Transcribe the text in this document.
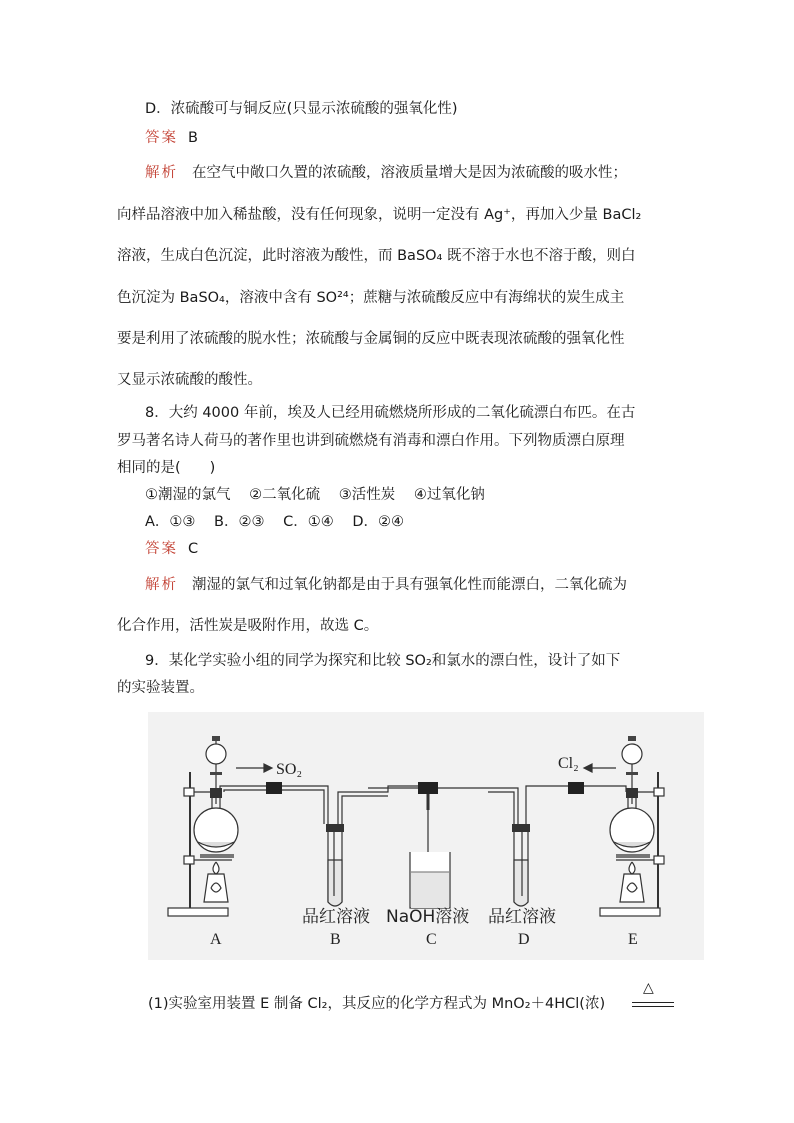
D．浓硫酸可与铜反应(只显示浓硫酸的强氧化性)
答案 B
解析 在空气中敞口久置的浓硫酸，溶液质量增大是因为浓硫酸的吸水性；
向样品溶液中加入稀盐酸，没有任何现象，说明一定没有 Ag⁺，再加入少量 BaCl₂
溶液，生成白色沉淀，此时溶液为酸性，而 BaSO₄ 既不溶于水也不溶于酸，则白
色沉淀为 BaSO₄，溶液中含有 SO²⁴；蔗糖与浓硫酸反应中有海绵状的炭生成主
要是利用了浓硫酸的脱水性；浓硫酸与金属铜的反应中既表现浓硫酸的强氧化性
又显示浓硫酸的酸性。
8．大约 4000 年前，埃及人已经用硫燃烧所形成的二氧化硫漂白布匹。在古
罗马著名诗人荷马的著作里也讲到硫燃烧有消毒和漂白作用。下列物质漂白原理
相同的是(　　)
①潮湿的氯气 ②二氧化硫 ③活性炭 ④过氧化钠
A．①③ B．②③ C．①④ D．②④
答案 C
解析 潮湿的氯气和过氧化钠都是由于具有强氧化性而能漂白，二氧化硫为
化合作用，活性炭是吸附作用，故选 C。
9．某化学实验小组的同学为探究和比较 SO₂和氯水的漂白性，设计了如下
的实验装置。
SO₂	Cl₂
品红溶液 NaOH溶液 品红溶液
A	B	C	D	E
(1)实验室用装置 E 制备 Cl₂，其反应的化学方程式为 MnO₂＋4HCl(浓)
△
